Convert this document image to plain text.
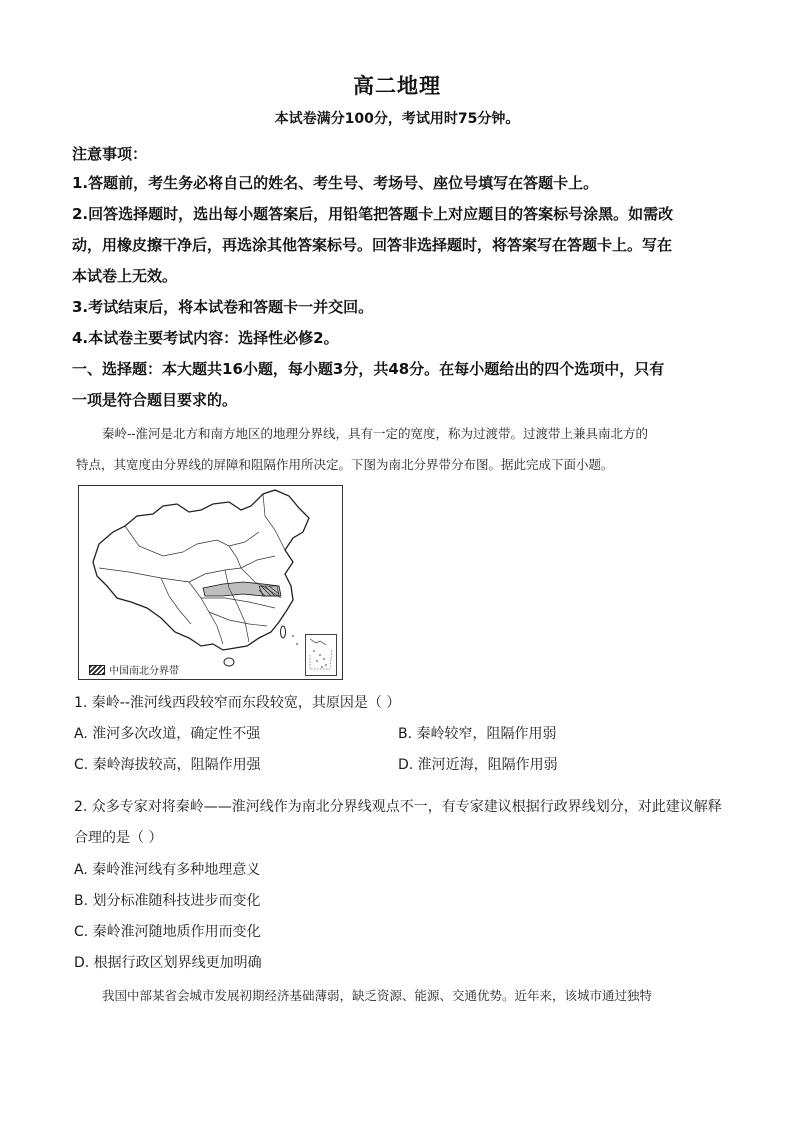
高二地理
本试卷满分100分，考试用时75分钟。
注意事项：
1.答题前，考生务必将自己的姓名、考生号、考场号、座位号填写在答题卡上。
2.回答选择题时，选出每小题答案后，用铅笔把答题卡上对应题目的答案标号涂黑。如需改
动，用橡皮擦干净后，再选涂其他答案标号。回答非选择题时，将答案写在答题卡上。写在
本试卷上无效。
3.考试结束后，将本试卷和答题卡一并交回。
4.本试卷主要考试内容：选择性必修2。
一、选择题：本大题共16小题，每小题3分，共48分。在每小题给出的四个选项中，只有
一项是符合题目要求的。
秦岭--淮河是北方和南方地区的地理分界线，具有一定的宽度，称为过渡带。过渡带上兼具南北方的
特点，其宽度由分界线的屏障和阻隔作用所决定。下图为南北分界带分布图。据此完成下面小题。
中国南北分界带
1. 秦岭--淮河线西段较窄而东段较宽，其原因是（ ）
A. 淮河多次改道，确定性不强	B. 秦岭较窄，阻隔作用弱
C. 秦岭海拔较高，阻隔作用强	D. 淮河近海，阻隔作用弱
2. 众多专家对将秦岭——淮河线作为南北分界线观点不一，有专家建议根据行政界线划分，对此建议解释
合理的是（ ）
A. 秦岭淮河线有多种地理意义
B. 划分标准随科技进步而变化
C. 秦岭淮河随地质作用而变化
D. 根据行政区划界线更加明确
我国中部某省会城市发展初期经济基础薄弱，缺乏资源、能源、交通优势。近年来，该城市通过独特
